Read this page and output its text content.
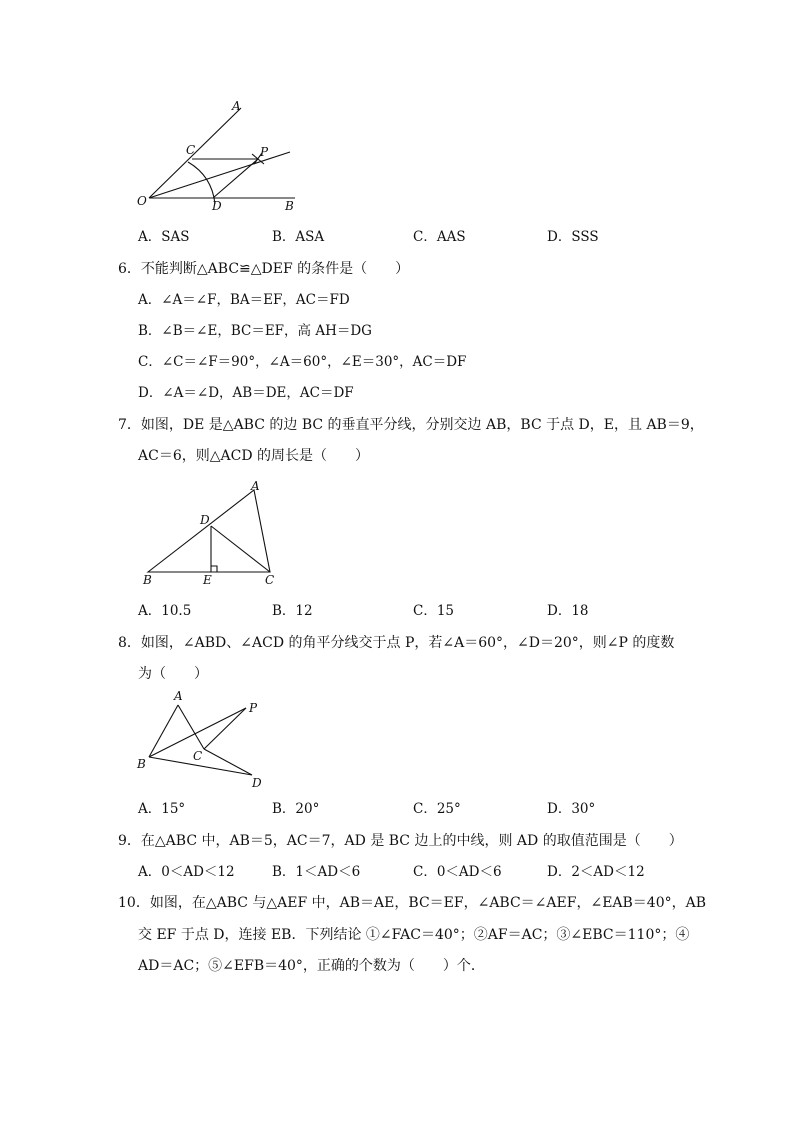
A
C	P
O	D	B
A．SAS	B．ASA	C．AAS	D．SSS
6．不能判断△ABC≌△DEF 的条件是（　　）
A．∠A＝∠F，BA＝EF，AC＝FD
B．∠B＝∠E，BC＝EF，高 AH＝DG
C．∠C＝∠F＝90°，∠A＝60°，∠E＝30°，AC＝DF
D．∠A＝∠D，AB＝DE，AC＝DF
7．如图，DE 是△ABC 的边 BC 的垂直平分线，分别交边 AB，BC 于点 D，E，且 AB＝9，
AC＝6，则△ACD 的周长是（　　）
A
D
B	E	C
A．10.5	B．12	C．15	D．18
8．如图，∠ABD、∠ACD 的角平分线交于点 P，若∠A＝60°，∠D＝20°，则∠P 的度数
为（　　）
A
P
B
C
D
A．15°	B．20°	C．25°	D．30°
9．在△ABC 中，AB＝5，AC＝7，AD 是 BC 边上的中线，则 AD 的取值范围是（　　）
A．0＜AD＜12	B．1＜AD＜6	C．0＜AD＜6	D．2＜AD＜12
10．如图，在△ABC 与△AEF 中，AB＝AE，BC＝EF，∠ABC＝∠AEF，∠EAB＝40°，AB
交 EF 于点 D，连接 EB．下列结论 ①∠FAC＝40°；②AF＝AC；③∠EBC＝110°；④
AD＝AC；⑤∠EFB＝40°，正确的个数为（　　）个．
